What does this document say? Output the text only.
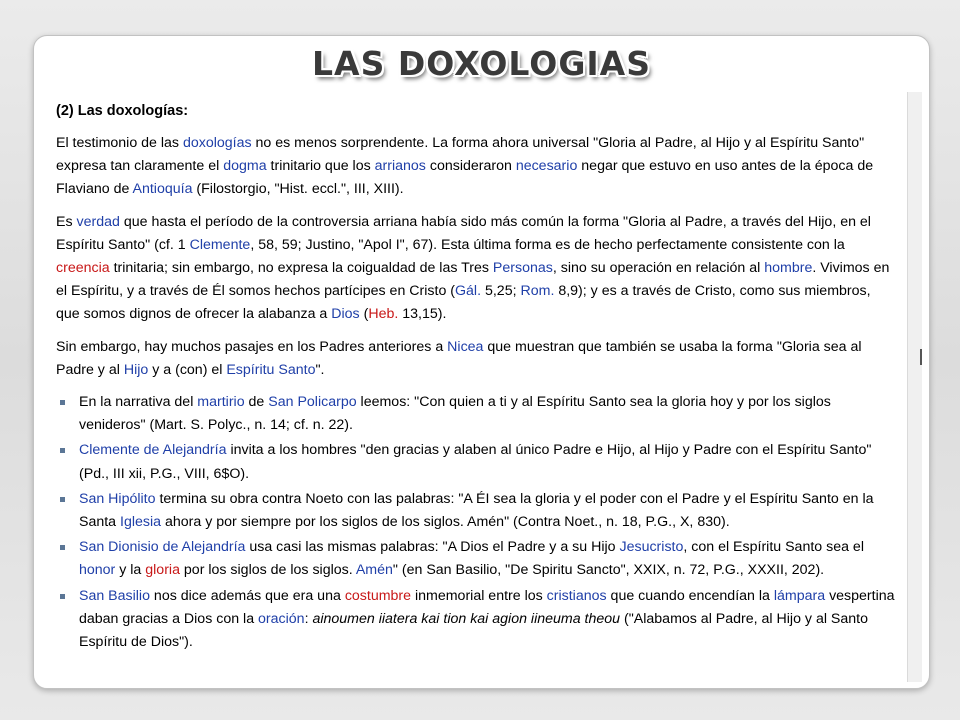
LAS DOXOLOGIAS
(2) Las doxologías:

El testimonio de las doxologías no es menos sorprendente. La forma ahora universal "Gloria al Padre, al Hijo y al Espíritu Santo" expresa tan claramente el dogma trinitario que los arrianos consideraron necesario negar que estuvo en uso antes de la época de Flaviano de Antioquía (Filostorgio, "Hist. eccl.", III, XIII).

Es verdad que hasta el período de la controversia arriana había sido más común la forma "Gloria al Padre, a través del Hijo, en el Espíritu Santo" (cf. 1 Clemente, 58, 59; Justino, "Apol I", 67). Esta última forma es de hecho perfectamente consistente con la creencia trinitaria; sin embargo, no expresa la coigualdad de las Tres Personas, sino su operación en relación al hombre. Vivimos en el Espíritu, y a través de Él somos hechos partícipes en Cristo (Gál. 5,25; Rom. 8,9); y es a través de Cristo, como sus miembros, que somos dignos de ofrecer la alabanza a Dios (Heb. 13,15).

Sin embargo, hay muchos pasajes en los Padres anteriores a Nicea que muestran que también se usaba la forma "Gloria sea al Padre y al Hijo y a (con) el Espíritu Santo".

En la narrativa del martirio de San Policarpo leemos: "Con quien a ti y al Espíritu Santo sea la gloria hoy y por los siglos venideros" (Mart. S. Polyc., n. 14; cf. n. 22).
Clemente de Alejandría invita a los hombres "den gracias y alaben al único Padre e Hijo, al Hijo y Padre con el Espíritu Santo" (Pd., III xii, P.G., VIII, 6$O).
San Hipólito termina su obra contra Noeto con las palabras: "A ÉI sea la gloria y el poder con el Padre y el Espíritu Santo en la Santa Iglesia ahora y por siempre por los siglos de los siglos. Amén" (Contra Noet., n. 18, P.G., X, 830).
San Dionisio de Alejandría usa casi las mismas palabras: "A Dios el Padre y a su Hijo Jesucristo, con el Espíritu Santo sea el honor y la gloria por los siglos de los siglos. Amén" (en San Basilio, "De Spiritu Sancto", XXIX, n. 72, P.G., XXXII, 202).
San Basilio nos dice además que era una costumbre inmemorial entre los cristianos que cuando encendían la lámpara vespertina daban gracias a Dios con la oración: ainoumen iiatera kai tion kai agion iineuma theou ("Alabamos al Padre, al Hijo y al Santo Espíritu de Dios").
